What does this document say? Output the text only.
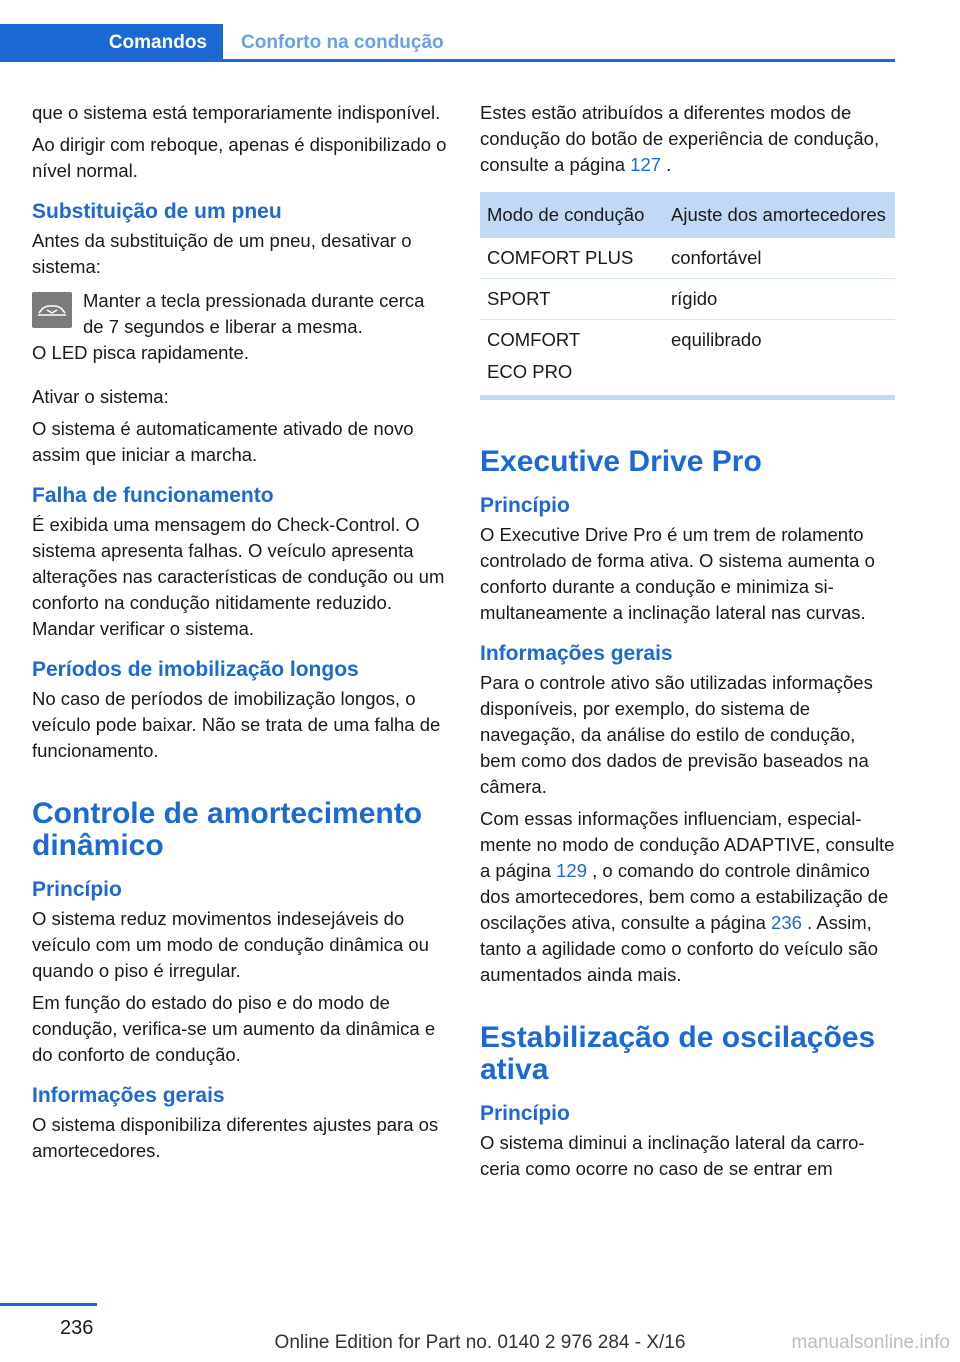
Comandos	Conforto na condução

que o sistema está temporariamente indisponível.

Ao dirigir com reboque, apenas é disponibilizado o nível normal.

Substituição de um pneu

Antes da substituição de um pneu, desativar o sistema:

Manter a tecla pressionada durante cerca de 7 segundos e liberar a mesma.

O LED pisca rapidamente.

Ativar o sistema:

O sistema é automaticamente ativado de novo assim que iniciar a marcha.

Falha de funcionamento

É exibida uma mensagem do Check-Control. O sistema apresenta falhas. O veículo apresenta alterações nas características de condução ou um conforto na condução nitidamente reduzido. Mandar verificar o sistema.

Períodos de imobilização longos

No caso de períodos de imobilização longos, o veículo pode baixar. Não se trata de uma falha de funcionamento.

Controle de amortecimento dinâmico
Princípio

O sistema reduz movimentos indesejáveis do veículo com um modo de condução dinâmica ou quando o piso é irregular.

Em função do estado do piso e do modo de condução, verifica-se um aumento da dinâmica e do conforto de condução.

Informações gerais

O sistema disponibiliza diferentes ajustes para os amortecedores.

Estes estão atribuídos a diferentes modos de condução do botão de experiência de condução, consulte a página 127 .

Modo de condução	Ajuste dos amortecedores
COMFORT PLUS	confortável
SPORT	rígido
COMFORT
ECO PRO	equilibrado
Executive Drive Pro
Princípio

O Executive Drive Pro é um trem de rolamento controlado de forma ativa. O sistema aumenta o conforto durante a condução e minimiza simultaneamente a inclinação lateral nas curvas.

Informações gerais

Para o controle ativo são utilizadas informações disponíveis, por exemplo, do sistema de navegação, da análise do estilo de condução, bem como dos dados de previsão baseados na câmera.

Com essas informações influenciam, especialmente no modo de condução ADAPTIVE, consulte a página 129 , o comando do controle dinâmico dos amortecedores, bem como a estabilização de oscilações ativa, consulte a página 236 . Assim, tanto a agilidade como o conforto do veículo são aumentados ainda mais.

Estabilização de oscilações ativa
Princípio

O sistema diminui a inclinação lateral da carroceria como ocorre no caso de se entrar em

236
Online Edition for Part no. 0140 2 976 284 - X/16	manualsonline.info
